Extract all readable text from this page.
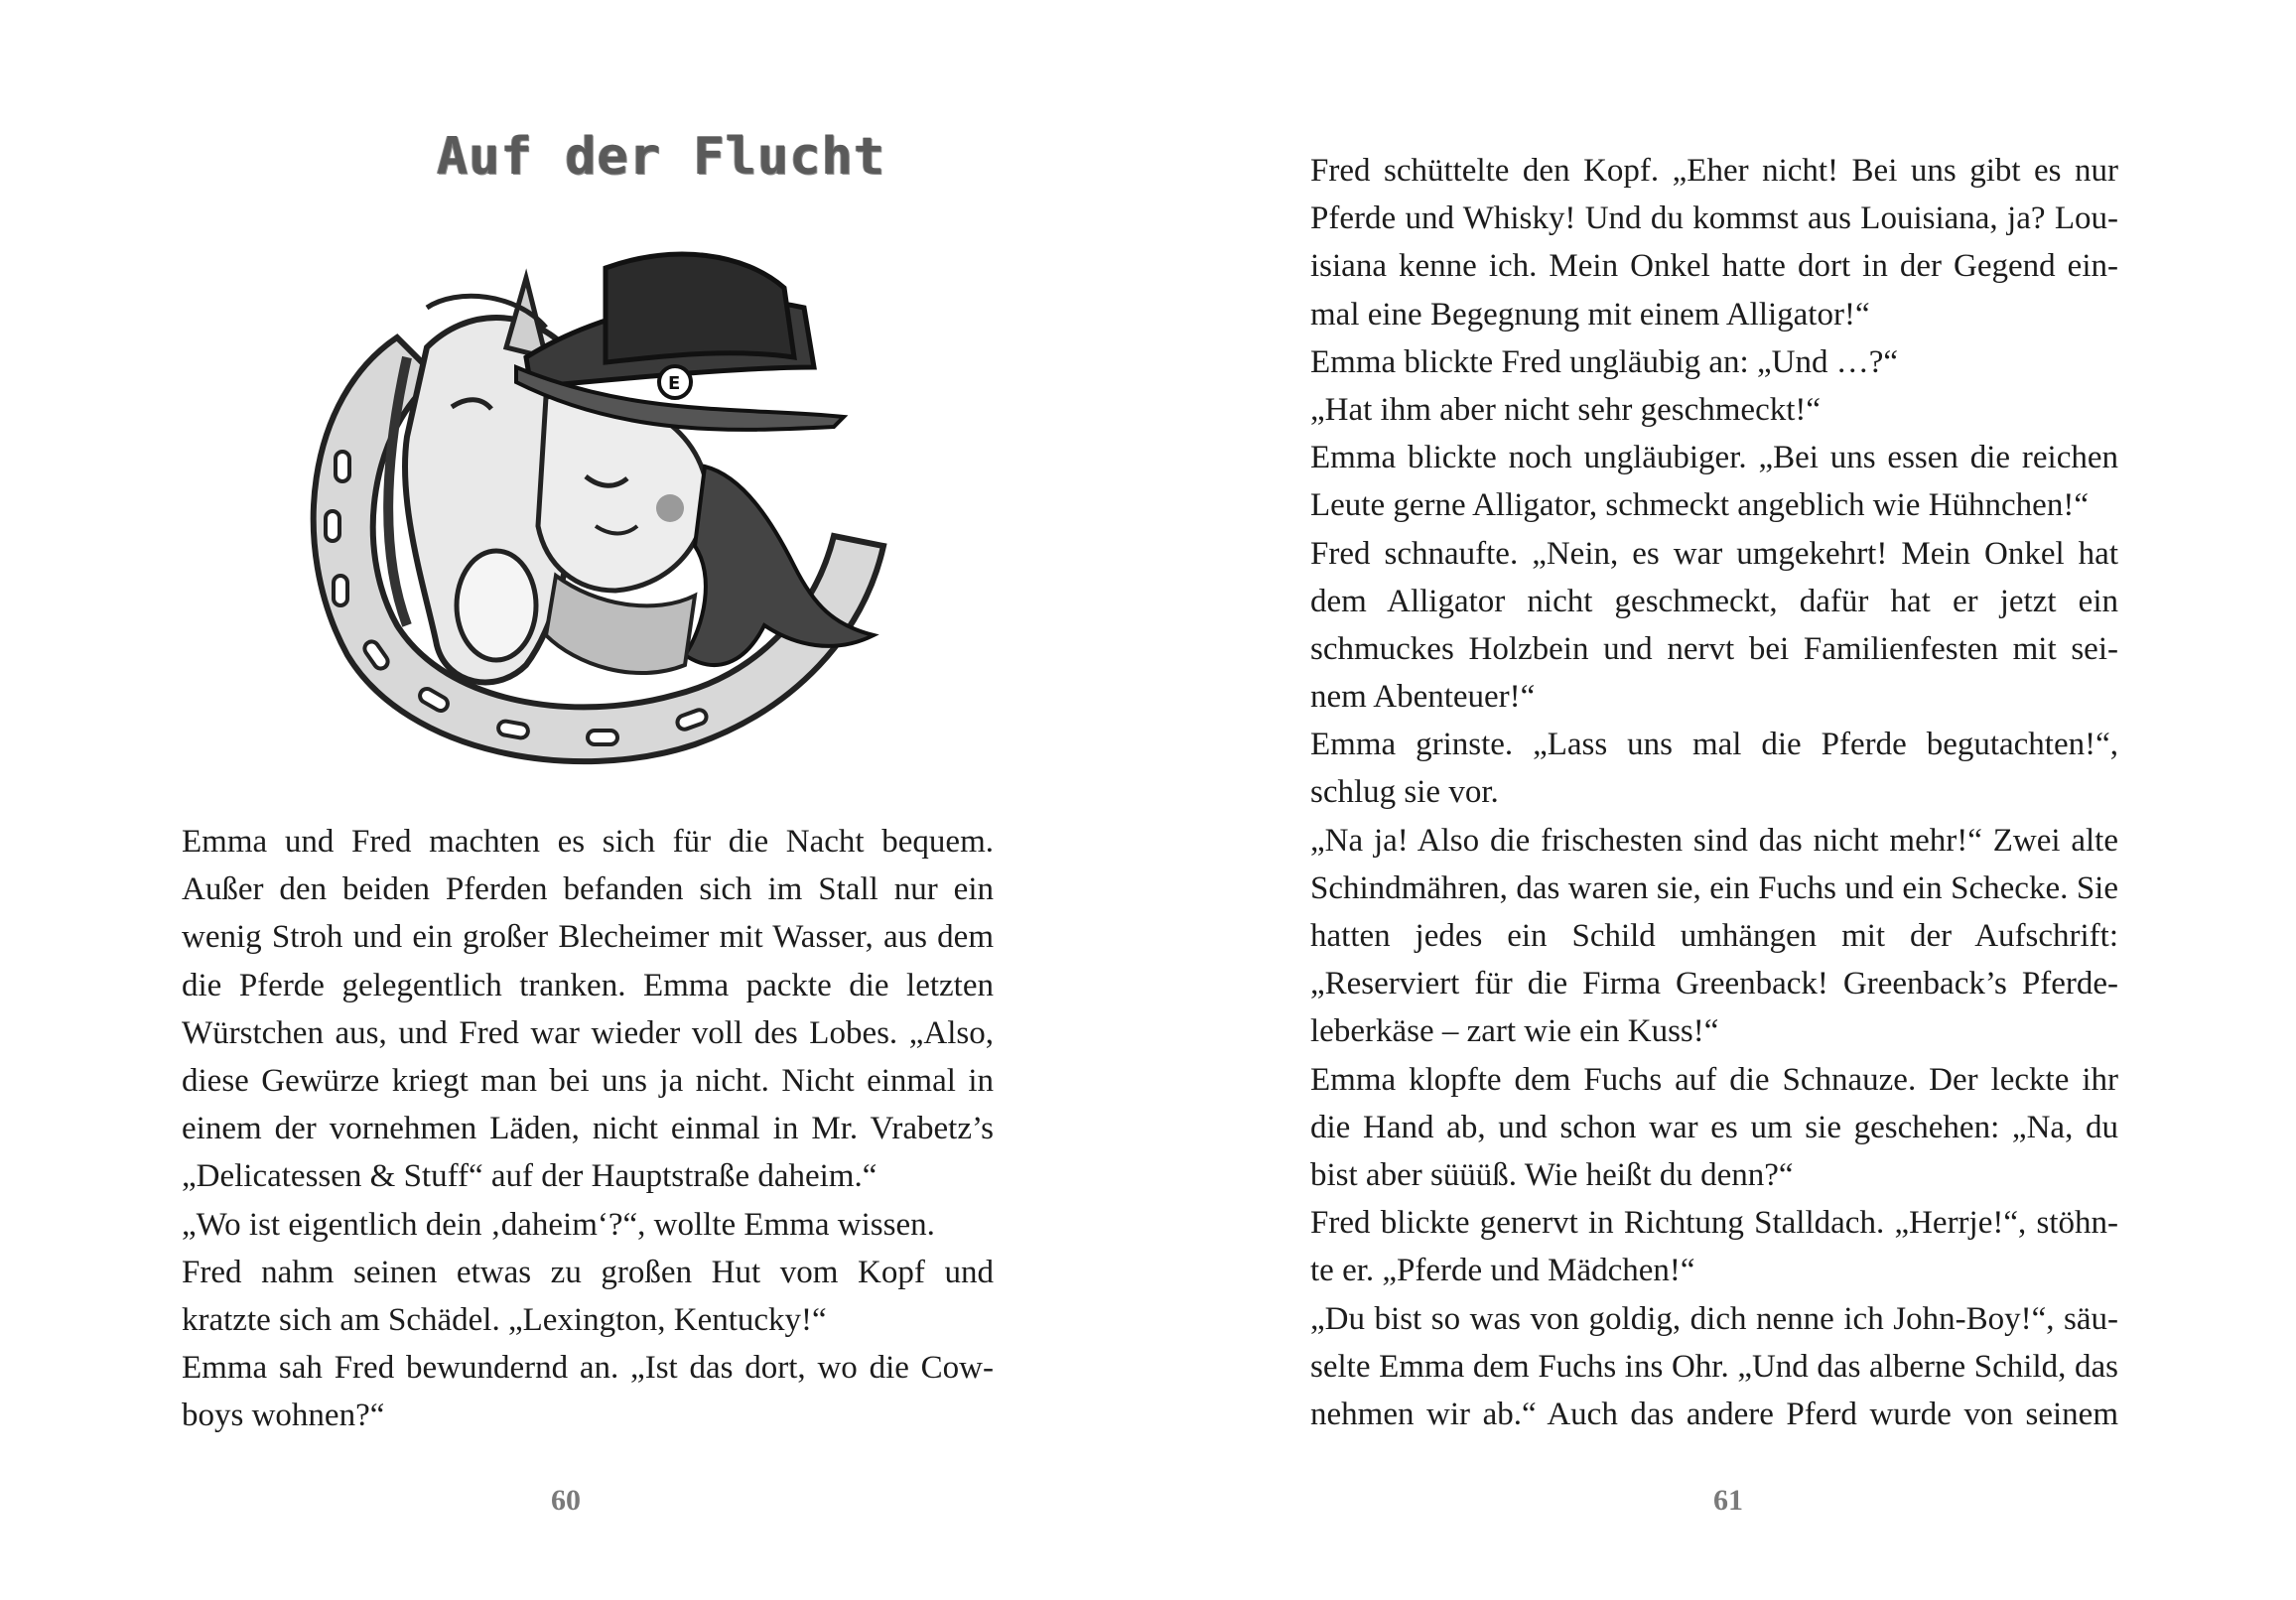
Auf der Flucht
E
Emma und Fred machten es sich für die Nacht bequem.
Außer den beiden Pferden befanden sich im Stall nur ein
wenig Stroh und ein großer Blecheimer mit Wasser, aus dem
die Pferde gelegentlich tranken. Emma packte die letzten
Würstchen aus, und Fred war wieder voll des Lobes. „Also,
diese Gewürze kriegt man bei uns ja nicht. Nicht einmal in
einem der vornehmen Läden, nicht einmal in Mr. Vrabetz’s
„Delicatessen & Stuff“ auf der Hauptstraße daheim.“
„Wo ist eigentlich dein ‚daheim‘?“, wollte Emma wissen.
Fred nahm seinen etwas zu großen Hut vom Kopf und
kratzte sich am Schädel. „Lexington, Kentucky!“
Emma sah Fred bewundernd an. „Ist das dort, wo die Cow-
boys wohnen?“
60
Fred schüttelte den Kopf. „Eher nicht! Bei uns gibt es nur
Pferde und Whisky! Und du kommst aus Louisiana, ja? Lou-
isiana kenne ich. Mein Onkel hatte dort in der Gegend ein-
mal eine Begegnung mit einem Alligator!“
Emma blickte Fred ungläubig an: „Und …?“
„Hat ihm aber nicht sehr geschmeckt!“
Emma blickte noch ungläubiger. „Bei uns essen die reichen
Leute gerne Alligator, schmeckt angeblich wie Hühnchen!“
Fred schnaufte. „Nein, es war umgekehrt! Mein Onkel hat
dem Alligator nicht geschmeckt, dafür hat er jetzt ein
schmuckes Holzbein und nervt bei Familienfesten mit sei-
nem Abenteuer!“
Emma grinste. „Lass uns mal die Pferde begutachten!“,
schlug sie vor.
„Na ja! Also die frischesten sind das nicht mehr!“ Zwei alte
Schindmähren, das waren sie, ein Fuchs und ein Schecke. Sie
hatten jedes ein Schild umhängen mit der Aufschrift:
„Reserviert für die Firma Greenback! Greenback’s Pferde-
leberkäse – zart wie ein Kuss!“
Emma klopfte dem Fuchs auf die Schnauze. Der leckte ihr
die Hand ab, und schon war es um sie geschehen: „Na, du
bist aber süüüß. Wie heißt du denn?“
Fred blickte genervt in Richtung Stalldach. „Herrje!“, stöhn-
te er. „Pferde und Mädchen!“
„Du bist so was von goldig, dich nenne ich John-Boy!“, säu-
selte Emma dem Fuchs ins Ohr. „Und das alberne Schild, das
nehmen wir ab.“ Auch das andere Pferd wurde von seinem
61
